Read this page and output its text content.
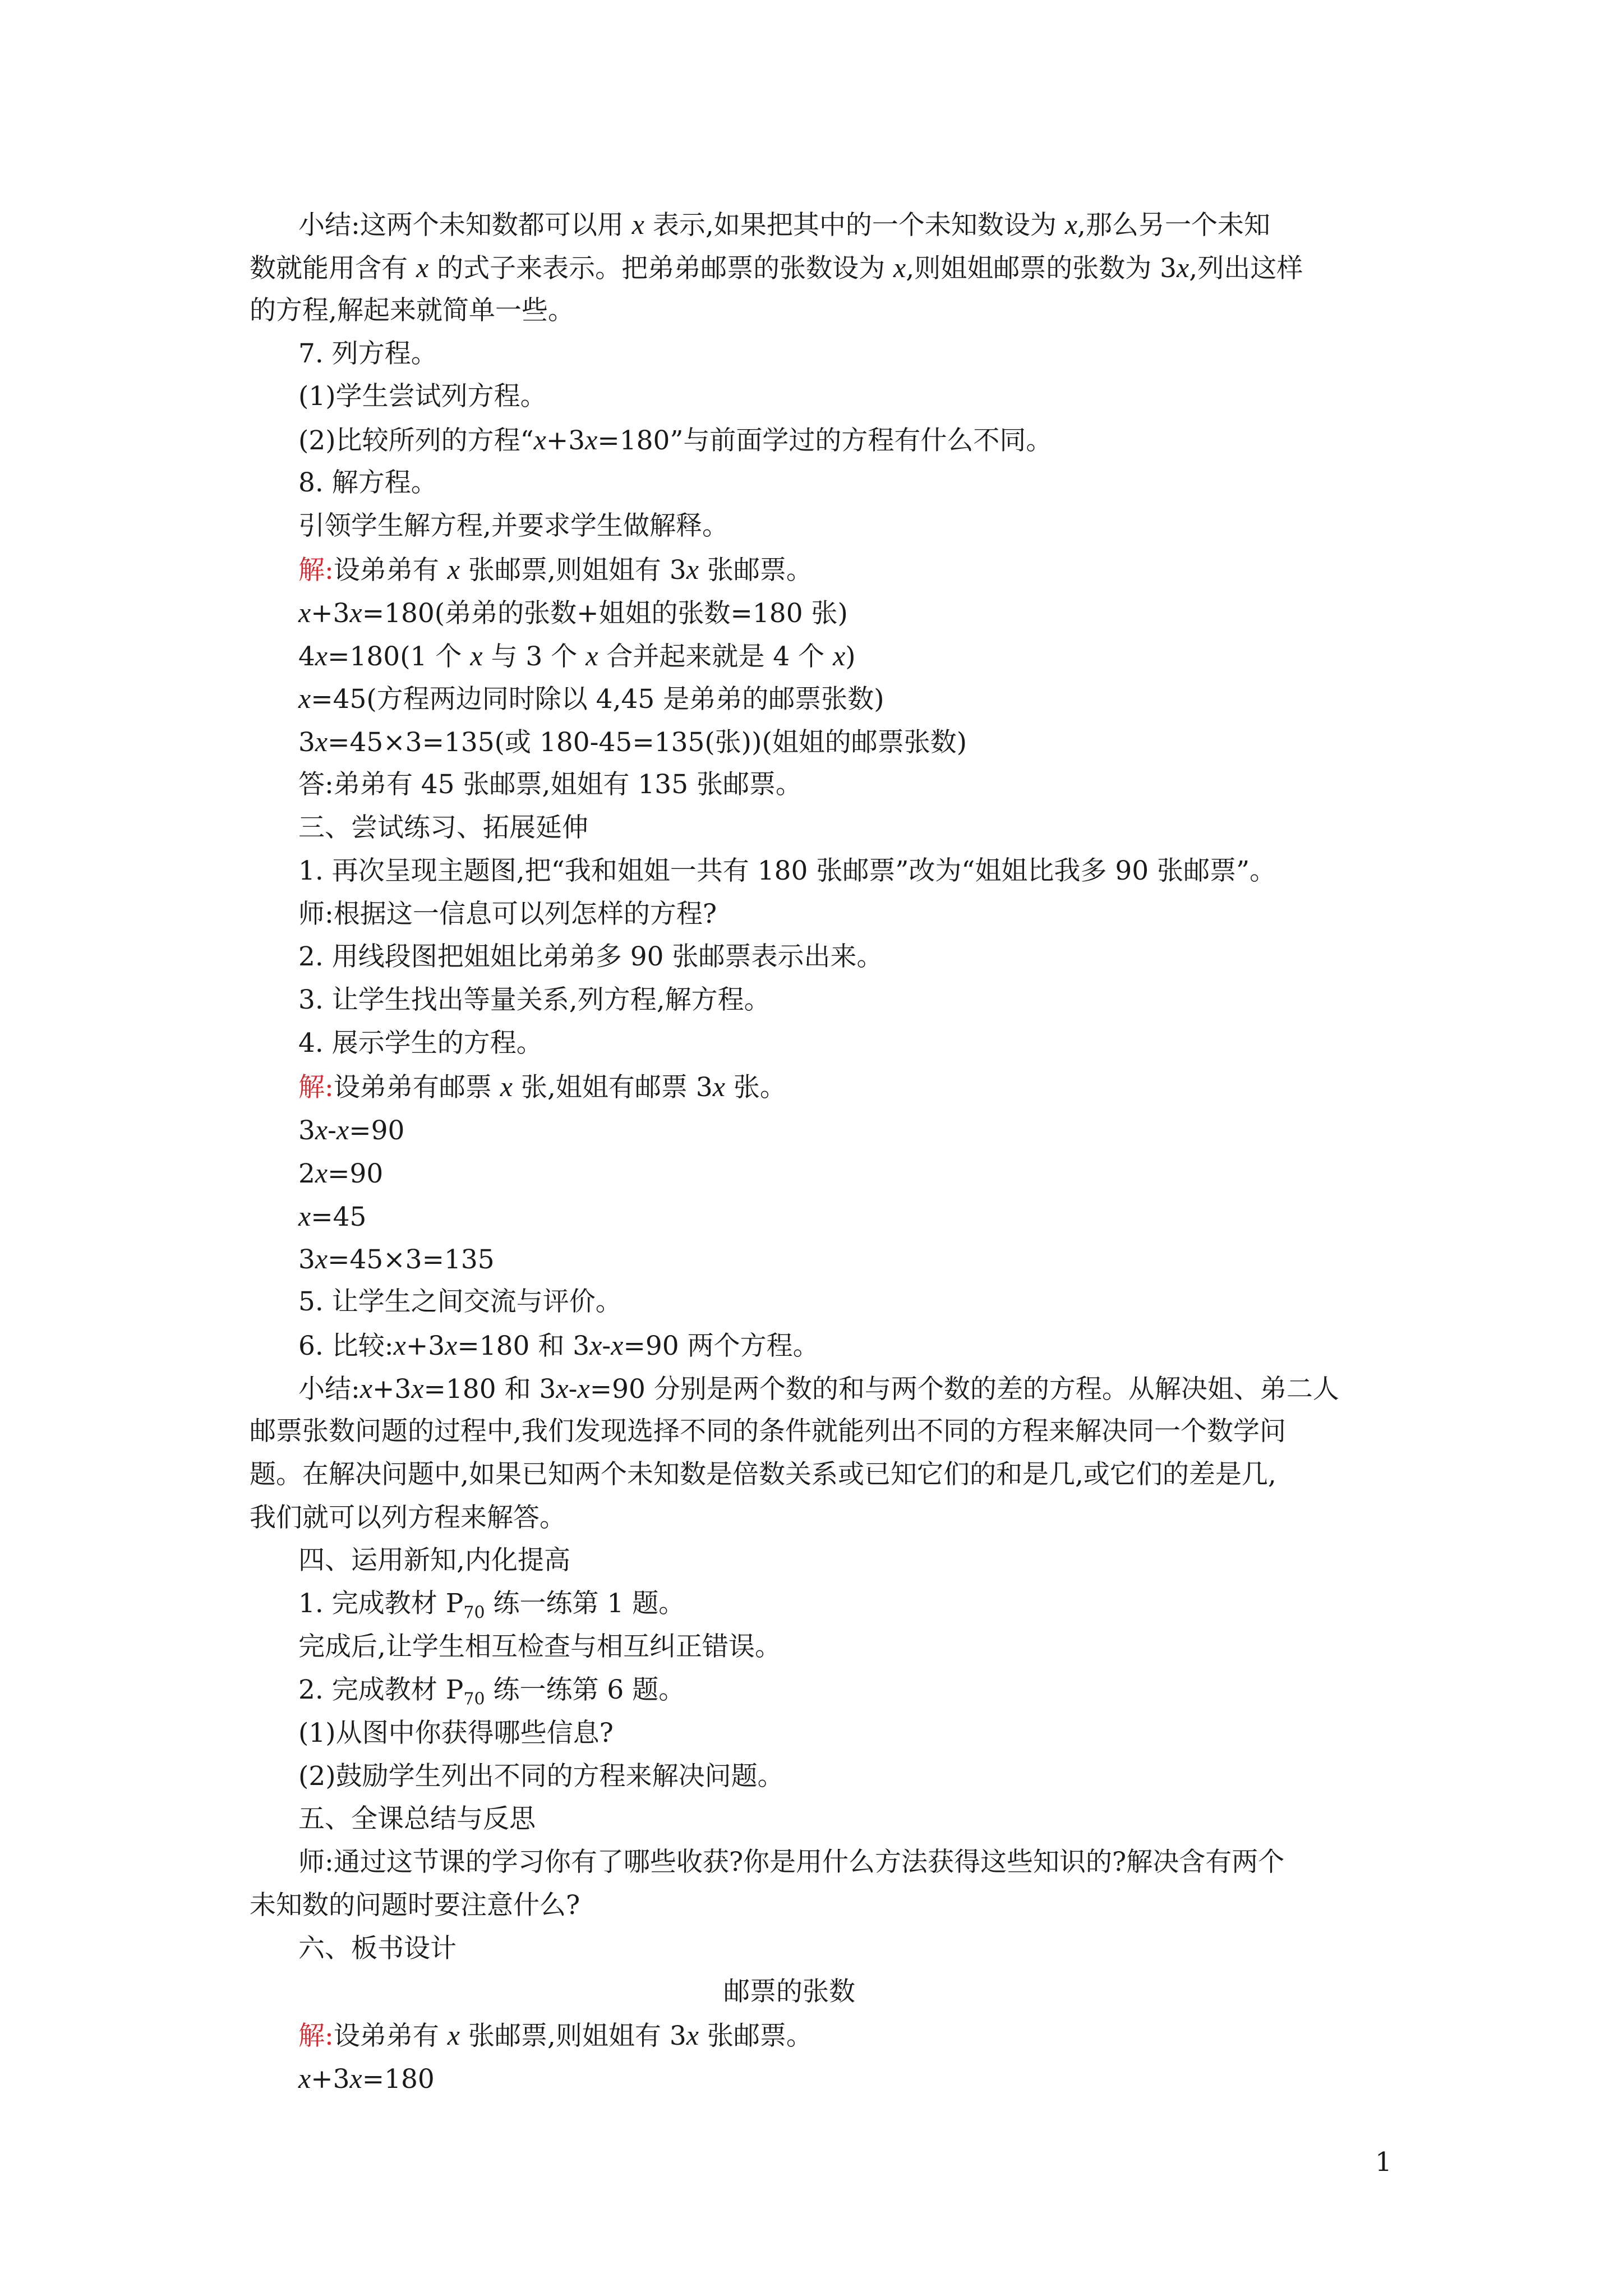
小结:这两个未知数都可以用 x 表示,如果把其中的一个未知数设为 x,那么另一个未知

数就能用含有 x 的式子来表示。把弟弟邮票的张数设为 x,则姐姐邮票的张数为 3x,列出这样

的方程,解起来就简单一些。

7. 列方程。

(1)学生尝试列方程。

(2)比较所列的方程“x+3x=180”与前面学过的方程有什么不同。

8. 解方程。

引领学生解方程,并要求学生做解释。

解:设弟弟有 x 张邮票,则姐姐有 3x 张邮票。

x+3x=180(弟弟的张数+姐姐的张数=180 张)

4x=180(1 个 x 与 3 个 x 合并起来就是 4 个 x)

x=45(方程两边同时除以 4,45 是弟弟的邮票张数)

3x=45×3=135(或 180-45=135(张))(姐姐的邮票张数)

答:弟弟有 45 张邮票,姐姐有 135 张邮票。

三、尝试练习、拓展延伸

1. 再次呈现主题图,把“我和姐姐一共有 180 张邮票”改为“姐姐比我多 90 张邮票”。

师:根据这一信息可以列怎样的方程?

2. 用线段图把姐姐比弟弟多 90 张邮票表示出来。

3. 让学生找出等量关系,列方程,解方程。

4. 展示学生的方程。

解:设弟弟有邮票 x 张,姐姐有邮票 3x 张。

3x-x=90

2x=90

x=45

3x=45×3=135

5. 让学生之间交流与评价。

6. 比较:x+3x=180 和 3x-x=90 两个方程。

小结:x+3x=180 和 3x-x=90 分别是两个数的和与两个数的差的方程。从解决姐、弟二人

邮票张数问题的过程中,我们发现选择不同的条件就能列出不同的方程来解决同一个数学问

题。在解决问题中,如果已知两个未知数是倍数关系或已知它们的和是几,或它们的差是几,

我们就可以列方程来解答。

四、运用新知,内化提高

1. 完成教材 $P_{70}$ 练一练第 1 题。

完成后,让学生相互检查与相互纠正错误。

2. 完成教材 $P_{70}$ 练一练第 6 题。

(1)从图中你获得哪些信息?

(2)鼓励学生列出不同的方程来解决问题。

五、全课总结与反思

师:通过这节课的学习你有了哪些收获?你是用什么方法获得这些知识的?解决含有两个

未知数的问题时要注意什么?

六、板书设计

邮票的张数

解:设弟弟有 x 张邮票,则姐姐有 3x 张邮票。

x+3x=180

1
